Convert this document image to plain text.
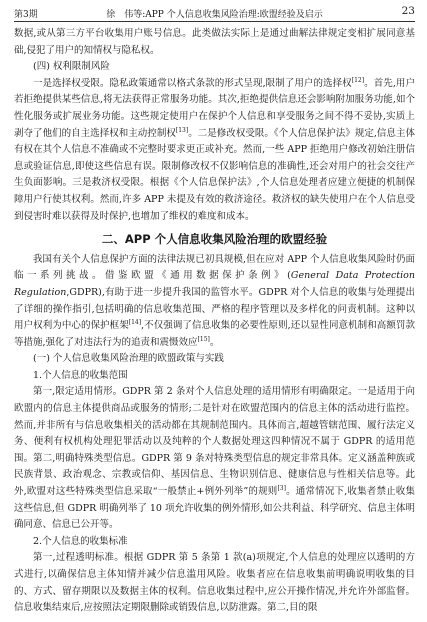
第3期	徐　伟等:APP 个人信息收集风险治理:欧盟经验及启示	23

数据,或从第三方平台收集用户账号信息。此类做法实际上是通过曲解法律规定变相扩展同意基础,侵犯了用户的知情权与隐私权。

(四) 权利限制风险

一是选择权受限。隐私政策通常以格式条款的形式呈现,限制了用户的选择权[12]。首先,用户若拒绝提供某些信息,将无法获得正常服务功能。其次,拒绝提供信息还会影响附加服务功能,如个性化服务或扩展业务功能。这些规定使用户在保护个人信息和享受服务之间不得不妥协,实质上剥夺了他们的自主选择权和主动控制权[13]。二是修改权受限。《个人信息保护法》规定,信息主体有权在其个人信息不准确或不完整时要求更正或补充。然而,一些 APP 拒绝用户修改初始注册信息或验证信息,即使这些信息有误。限制修改权不仅影响信息的准确性,还会对用户的社会交往产生负面影响。三是救济权受限。根据《个人信息保护法》,个人信息处理者应建立便捷的机制保障用户行使其权利。然而,许多 APP 未提及有效的救济途径。救济权的缺失使用户在个人信息受到侵害时难以获得及时保护,也增加了维权的难度和成本。

二、APP 个人信息收集风险治理的欧盟经验

我国有关个人信息保护方面的法律法规已初具规模,但在应对 APP 个人信息收集风险时仍面临一系列挑战。借鉴欧盟《通用数据保护条例》(General Data Protection Regulation,GDPR),有助于进一步提升我国的监管水平。GDPR 对个人信息的收集与处理提出了详细的操作指引,包括明确的信息收集范围、严格的程序管理以及多样化的问责机制。这种以用户权利为中心的保护框架[14],不仅强调了信息收集的必要性原则,还以显性同意机制和高额罚款等措施,强化了对违法行为的追责和震慑效应[15]。

(一) 个人信息收集风险治理的欧盟政策与实践

1.个人信息的收集范围

第一,限定适用情形。GDPR 第 2 条对个人信息处理的适用情形有明确限定。一是适用于向欧盟内的信息主体提供商品或服务的情形;二是针对在欧盟范围内的信息主体的活动进行监控。然而,并非所有与信息收集相关的活动都在其规制范围内。具体而言,超越管辖范围、履行法定义务、便利有权机构处理犯罪活动以及纯粹的个人数据处理这四种情况不属于 GDPR 的适用范围。第二,明确特殊类型信息。GDPR 第 9 条对特殊类型信息的规定非常具体。定义涵盖种族或民族背景、政治观念、宗教或信仰、基因信息、生物识别信息、健康信息与性相关信息等。此外,欧盟对这些特殊类型信息采取“一般禁止+例外列举”的规则[3]。通常情况下,收集者禁止收集这些信息,但 GDPR 明确列举了 10 项允许收集的例外情形,如公共利益、科学研究、信息主体明确同意、信息已公开等。

2.个人信息的收集标准

第一,过程透明标准。根据 GDPR 第 5 条第 1 款(a)项规定,个人信息的处理应以透明的方式进行,以确保信息主体知情并减少信息滥用风险。收集者应在信息收集前明确说明收集的目的、方式、留存期限以及数据主体的权利。信息收集过程中,应公开操作情况,并允许外部监督。信息收集结束后,应按照法定期限删除或销毁信息,以防泄露。第二,目的限
